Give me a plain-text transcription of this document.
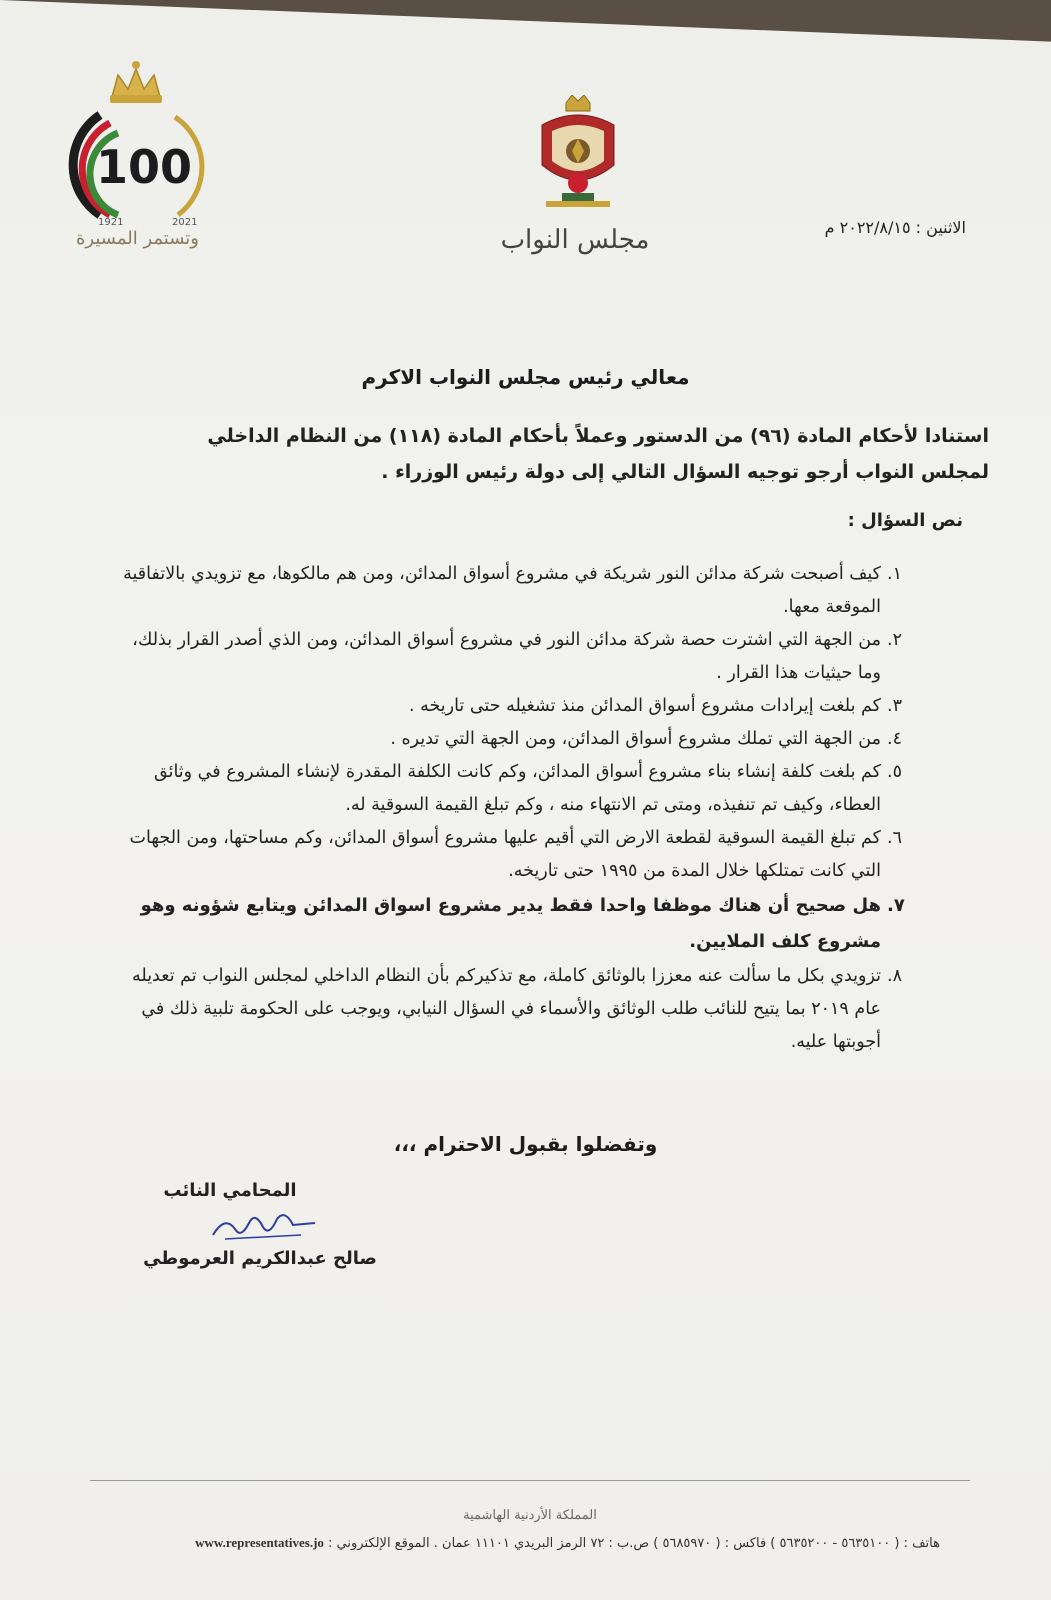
100
1921	2021
وتستمر المسيرة	مجلس النواب	الاثنين : ٢٠٢٢/٨/١٥ م
معالي رئيس مجلس النواب الاكرم
استنادا لأحكام المادة (٩٦) من الدستور وعملاً بأحكام المادة (١١٨) من النظام الداخلي لمجلس النواب أرجو توجيه السؤال التالي إلى دولة رئيس الوزراء .
نص السؤال :
١.
كيف أصبحت شركة مدائن النور شريكة في مشروع أسواق المدائن، ومن هم مالكوها، مع تزويدي بالاتفاقية الموقعة معها.
٢.
من الجهة التي اشترت حصة شركة مدائن النور في مشروع أسواق المدائن، ومن الذي أصدر القرار بذلك، وما حيثيات هذا القرار .
٣.
كم بلغت إيرادات مشروع أسواق المدائن منذ تشغيله حتى تاريخه .
٤.
من الجهة التي تملك مشروع أسواق المدائن، ومن الجهة التي تديره .
٥.
كم بلغت كلفة إنشاء بناء مشروع أسواق المدائن، وكم كانت الكلفة المقدرة لإنشاء المشروع في وثائق العطاء، وكيف تم تنفيذه، ومتى تم الانتهاء منه ، وكم تبلغ القيمة السوقية له.
٦.
كم تبلغ القيمة السوقية لقطعة الارض التي أقيم عليها مشروع أسواق المدائن، وكم مساحتها، ومن الجهات التي كانت تمتلكها خلال المدة من ١٩٩٥ حتى تاريخه.
٧.
هل صحيح أن هناك موظفا واحدا فقط يدير مشروع اسواق المدائن ويتابع شؤونه وهو مشروع كلف الملايين.
٨.
تزويدي بكل ما سألت عنه معززا بالوثائق كاملة، مع تذكيركم بأن النظام الداخلي لمجلس النواب تم تعديله عام ٢٠١٩ بما يتيح للنائب طلب الوثائق والأسماء في السؤال النيابي، ويوجب على الحكومة تلبية ذلك في أجوبتها عليه.
وتفضلوا بقبول الاحترام ،،،
المحامي النائب
صالح عبدالكريم العرموطي
المملكة الأردنية الهاشمية
هاتف : ( ٥٦٣٥١٠٠ - ٥٦٣٥٢٠٠ ) فاكس : ( ٥٦٨٥٩٧٠ ) ص.ب : ٧٢ الرمز البريدي ١١١٠١ عمان . الموقع الإلكتروني : www.representatives.jo
